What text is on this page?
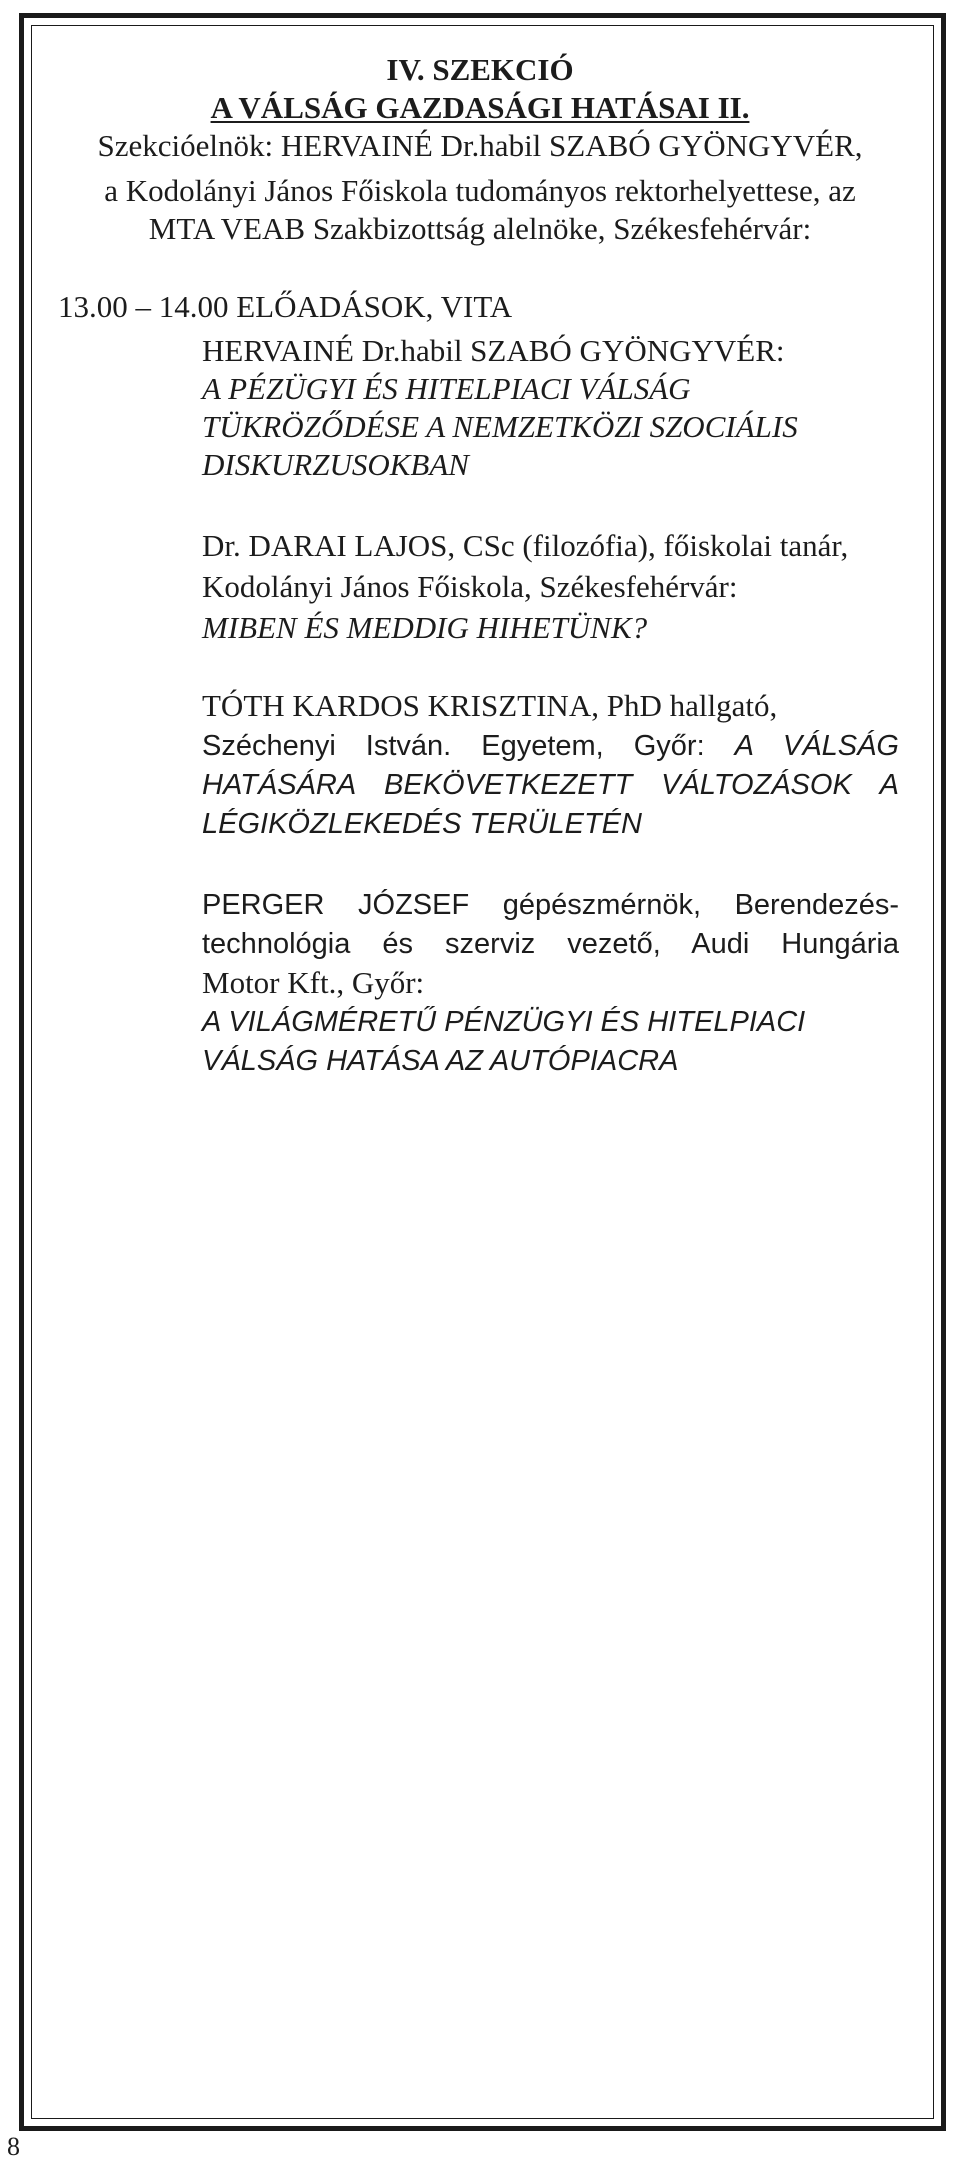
IV. SZEKCIÓ
A VÁLSÁG GAZDASÁGI HATÁSAI II.
Szekcióelnök: HERVAINÉ Dr.habil SZABÓ GYÖNGYVÉR,
a Kodolányi János Főiskola tudományos rektorhelyettese, az
MTA VEAB Szakbizottság alelnöke, Székesfehérvár:
13.00 – 14.00 ELŐADÁSOK, VITA
HERVAINÉ Dr.habil SZABÓ GYÖNGYVÉR:
A PÉZÜGYI ÉS HITELPIACI VÁLSÁG
TÜKRÖZŐDÉSE A NEMZETKÖZI SZOCIÁLIS
DISKURZUSOKBAN
Dr. DARAI LAJOS, CSc (filozófia), főiskolai tanár,
Kodolányi János Főiskola, Székesfehérvár:
MIBEN ÉS MEDDIG HIHETÜNK?
TÓTH KARDOS KRISZTINA, PhD hallgató,
Széchenyi István. Egyetem, Győr: A VÁLSÁG
HATÁSÁRA BEKÖVETKEZETT VÁLTOZÁSOK A
LÉGIKÖZLEKEDÉS TERÜLETÉN
PERGER JÓZSEF gépészmérnök, Berendezés-
technológia és szerviz vezető, Audi Hungária
Motor Kft., Győr:
A VILÁGMÉRETŰ PÉNZÜGYI ÉS HITELPIACI
VÁLSÁG HATÁSA AZ AUTÓPIACRA
8
